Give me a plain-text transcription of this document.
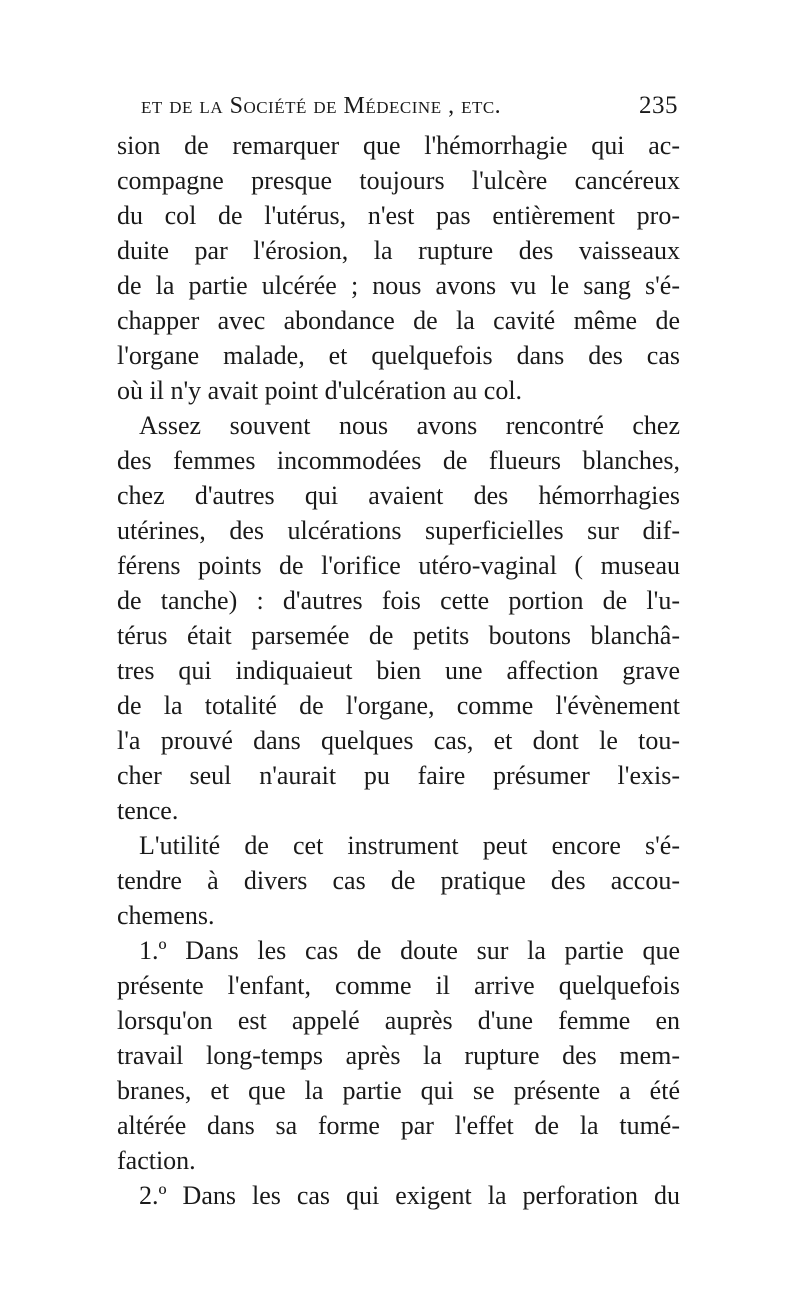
et de la Société de Médecine , etc.	235
sion de remarquer que l'hémorrhagie qui ac-
compagne presque toujours l'ulcère cancéreux
du col de l'utérus, n'est pas entièrement pro-
duite par l'érosion, la rupture des vaisseaux
de la partie ulcérée ; nous avons vu le sang s'é-
chapper avec abondance de la cavité même de
l'organe malade, et quelquefois dans des cas
où il n'y avait point d'ulcération au col.
Assez souvent nous avons rencontré chez
des femmes incommodées de flueurs blanches,
chez d'autres qui avaient des hémorrhagies
utérines, des ulcérations superficielles sur dif-
férens points de l'orifice utéro-vaginal ( museau
de tanche) : d'autres fois cette portion de l'u-
térus était parsemée de petits boutons blanchâ-
tres qui indiquaieut bien une affection grave
de la totalité de l'organe, comme l'évènement
l'a prouvé dans quelques cas, et dont le tou-
cher seul n'aurait pu faire présumer l'exis-
tence.
L'utilité de cet instrument peut encore s'é-
tendre à divers cas de pratique des accou-
chemens.
1.º Dans les cas de doute sur la partie que
présente l'enfant, comme il arrive quelquefois
lorsqu'on est appelé auprès d'une femme en
travail long-temps après la rupture des mem-
branes, et que la partie qui se présente a été
altérée dans sa forme par l'effet de la tumé-
faction.
2.º Dans les cas qui exigent la perforation du
